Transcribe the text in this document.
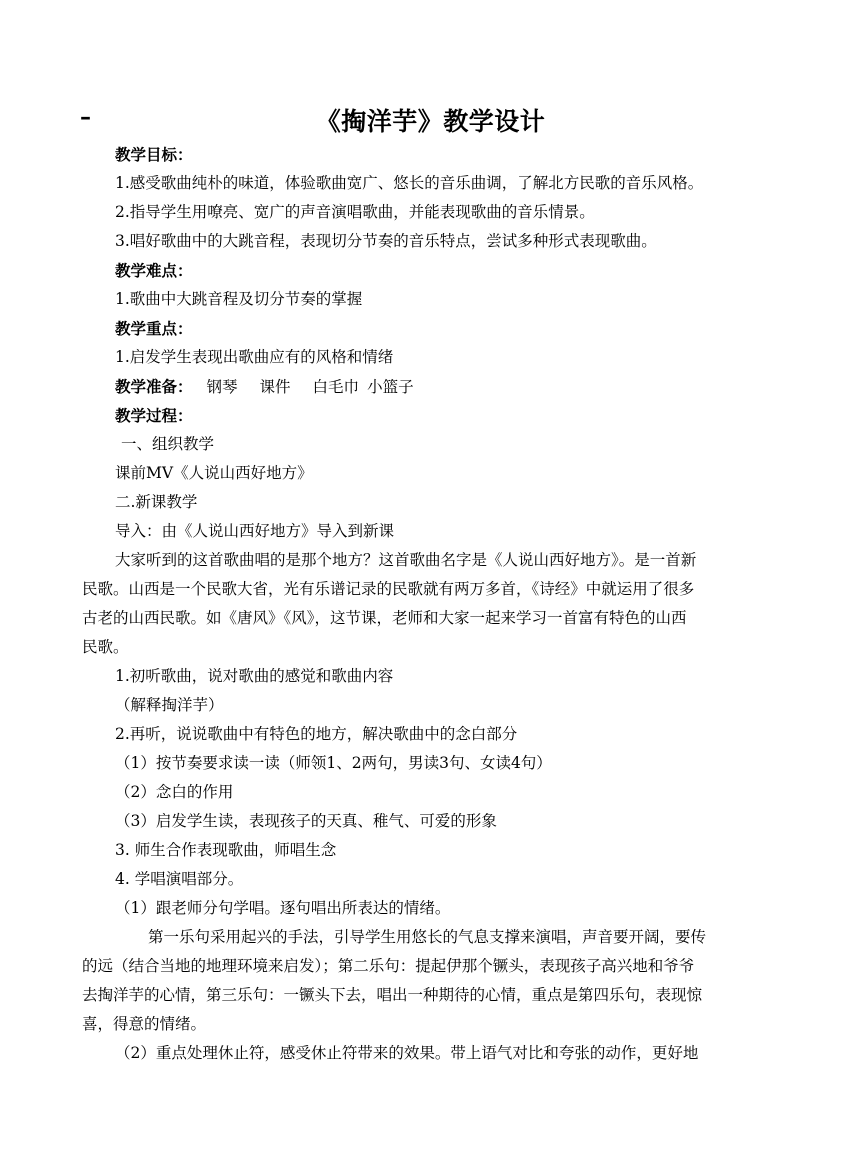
–	《掏洋芋》教学设计
教学目标：
1.感受歌曲纯朴的味道，体验歌曲宽广、悠长的音乐曲调，了解北方民歌的音乐风格。
2.指导学生用嘹亮、宽广的声音演唱歌曲，并能表现歌曲的音乐情景。
3.唱好歌曲中的大跳音程，表现切分节奏的音乐特点，尝试多种形式表现歌曲。
教学难点：
1.歌曲中大跳音程及切分节奏的掌握
教学重点：
1.启发学生表现出歌曲应有的风格和情绪
教学准备： 钢琴 课件 白毛巾 小篮子
教学过程：
一、组织教学
课前MV《人说山西好地方》
二.新课教学
导入：由《人说山西好地方》导入到新课
大家听到的这首歌曲唱的是那个地方？这首歌曲名字是《人说山西好地方》。是一首新
民歌。山西是一个民歌大省，光有乐谱记录的民歌就有两万多首，《诗经》中就运用了很多
古老的山西民歌。如《唐风》《风》，这节课，老师和大家一起来学习一首富有特色的山西
民歌。
1.初听歌曲，说对歌曲的感觉和歌曲内容
（解释掏洋芋）
2.再听，说说歌曲中有特色的地方，解决歌曲中的念白部分
（1）按节奏要求读一读（师领1、2两句，男读3句、女读4句）
（2）念白的作用
（3）启发学生读，表现孩子的天真、稚气、可爱的形象
3. 师生合作表现歌曲，师唱生念
4. 学唱演唱部分。
（1）跟老师分句学唱。逐句唱出所表达的情绪。
第一乐句采用起兴的手法，引导学生用悠长的气息支撑来演唱，声音要开阔，要传
的远（结合当地的地理环境来启发）；第二乐句：提起伊那个镢头，表现孩子高兴地和爷爷
去掏洋芋的心情，第三乐句：一镢头下去，唱出一种期待的心情，重点是第四乐句，表现惊
喜，得意的情绪。
（2）重点处理休止符，感受休止符带来的效果。带上语气对比和夸张的动作，更好地
